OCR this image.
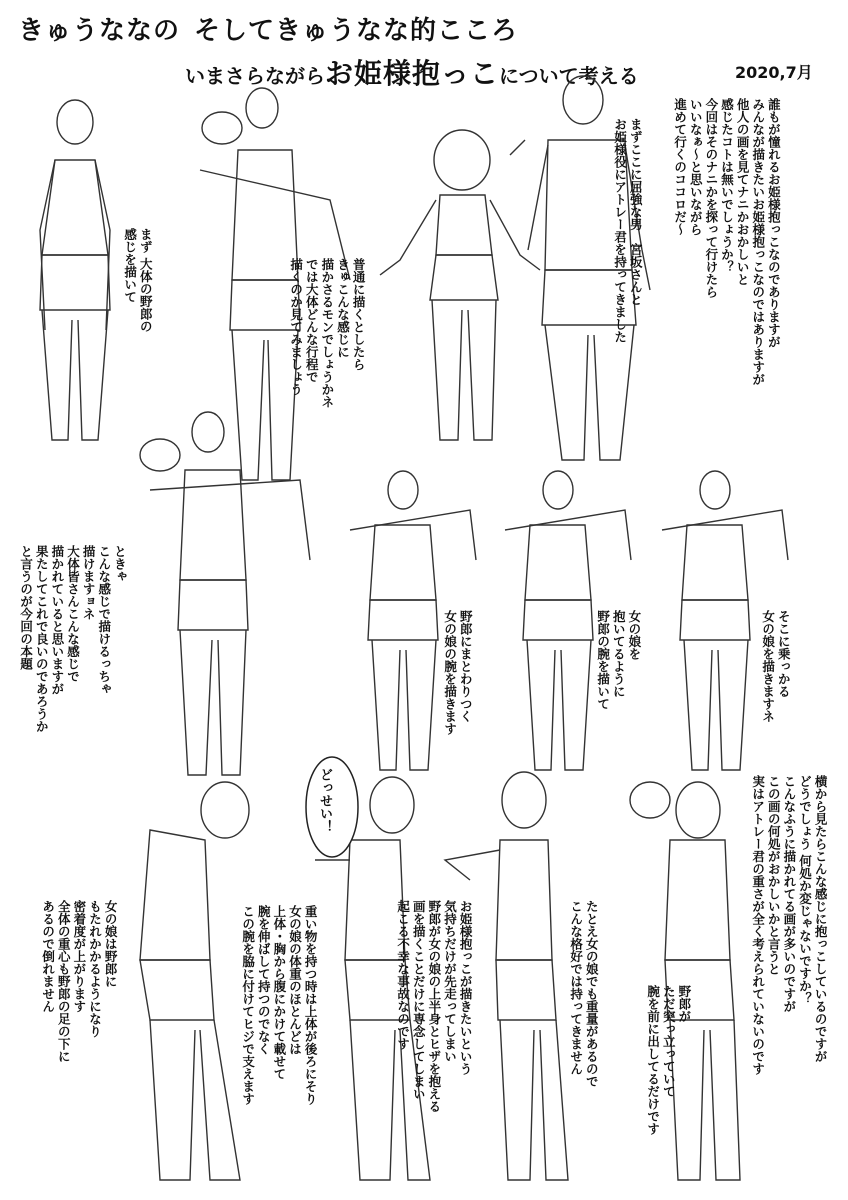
きゅうななの そしてきゅうなな的こころ
いまさらながらお姫様抱っこについて考える	2020,7月
誰もが憧れるお姫様抱っこなのでありますが
みんなが描きたいお姫様抱っこなのではありますが
他人の画を見てナニかおかしいと
感じたコトは無いでしょうか？
今回はそのナニかを探って行けたら
いいなぁ〜と思いながら
進めて行くのココロだ〜
まずここに屈強な男　宮坂さんと
お姫様役にアトレー君を持ってきました
まず 大体の野郎の
感じを描いて	普通に描くとしたら
きゅこんな感じに
描かさるモンでしょうかネ
では大体どんな行程で
描くのか見てみましょう
ときゃ
こんな感じで描けるっちゃ
描けますョネ
大体皆さんこんな感じで
描かれていると思いますが
果たしてこれで良いのであろうか
と言うのが今回の本題	野郎にまとわりつく
女の娘の腕を描きます	女の娘を
抱いてるように
野郎の腕を描いて	そこに乗っかる
女の娘を描きますネ
横から見たらこんな感じに抱っこしているのですが
どうでしょう 何処か変じゃないですか？
こんなふうに描かれてる画が多いのですが
この画の何処がおかしいかと言うと
実はアトレー君の重さが全く考えられていないのです
野郎が
ただ突っ立っていて
腕を前に出してるだけです
たとえ女の娘でも重量があるので
こんな格好では持ってきません
お姫様抱っこが描きたいという
気持ちだけが先走ってしまい
野郎が女の娘の上半身とヒザを抱える
画を描くことだけに専念してしまい
起こる不幸な事故なのです
重い物を持つ時は上体が後ろにそり
女の娘の体重のほとんどは
上体・胸から腹にかけて載せて
腕を伸ばして持つのでなく
この腕を脇に付けてヒジで支えます
女の娘は野郎に
もたれかかるようになり
密着度が上がります
全体の重心も野郎の足の下に
あるので倒れません
どっせい！
